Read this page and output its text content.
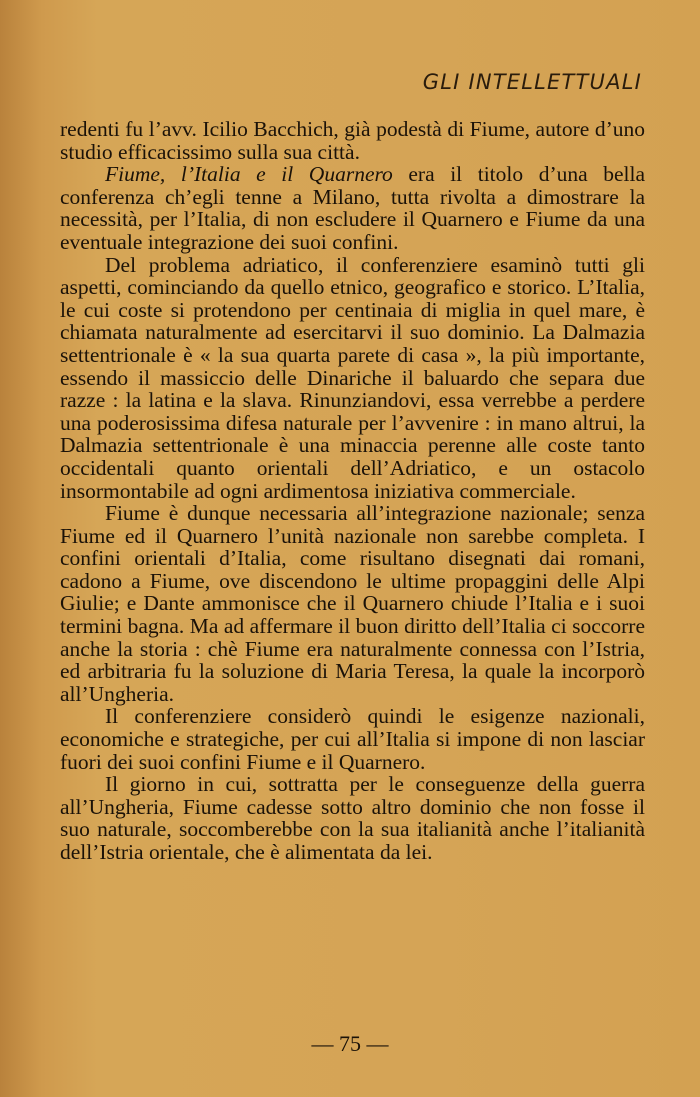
GLI INTELLETTUALI

redenti fu l’avv. Icilio Bacchich, già podestà di Fiume, autore d’uno studio efficacissimo sulla sua città.

Fiume, l’Italia e il Quarnero era il titolo d’una bella conferenza ch’egli tenne a Milano, tutta rivolta a dimostrare la necessità, per l’Italia, di non escludere il Quarnero e Fiume da una eventuale integrazione dei suoi confini.

Del problema adriatico, il conferenziere esaminò tutti gli aspetti, cominciando da quello etnico, geografico e storico. L’Italia, le cui coste si protendono per centinaia di miglia in quel mare, è chiamata naturalmente ad esercitarvi il suo dominio. La Dalmazia settentrionale è « la sua quarta parete di casa », la più importante, essendo il massiccio delle Dinariche il baluardo che separa due razze : la latina e la slava. Rinunziandovi, essa verrebbe a perdere una poderosissima difesa naturale per l’avvenire : in mano altrui, la Dalmazia settentrionale è una minaccia perenne alle coste tanto occidentali quanto orientali dell’Adriatico, e un ostacolo insormontabile ad ogni ardimentosa iniziativa commerciale.

Fiume è dunque necessaria all’integrazione nazionale; senza Fiume ed il Quarnero l’unità nazionale non sarebbe completa. I confini orientali d’Italia, come risultano disegnati dai romani, cadono a Fiume, ove discendono le ultime propaggini delle Alpi Giulie; e Dante ammonisce che il Quarnero chiude l’Italia e i suoi termini bagna. Ma ad affermare il buon diritto dell’Italia ci soccorre anche la storia : chè Fiume era naturalmente connessa con l’Istria, ed arbitraria fu la soluzione di Maria Teresa, la quale la incorporò all’Ungheria.

Il conferenziere considerò quindi le esigenze nazionali, economiche e strategiche, per cui all’Italia si impone di non lasciar fuori dei suoi confini Fiume e il Quarnero.

Il giorno in cui, sottratta per le conseguenze della guerra all’Ungheria, Fiume cadesse sotto altro dominio che non fosse il suo naturale, soccomberebbe con la sua italianità anche l’italianità dell’Istria orientale, che è alimentata da lei.

— 75 —
